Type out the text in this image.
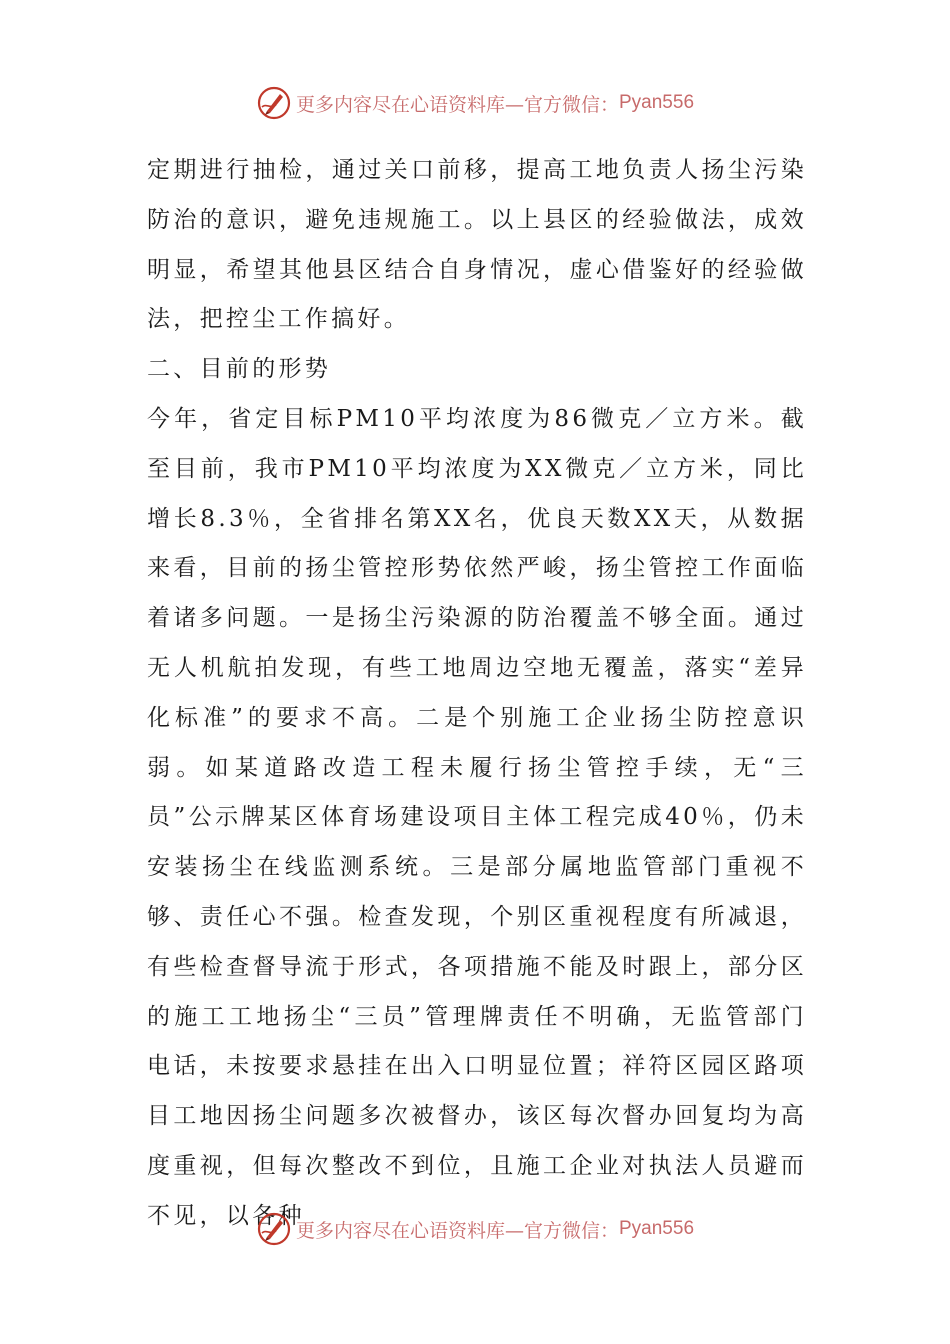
更多内容尽在心语资料库—官方微信： Pyan556

定期进行抽检，通过关口前移，提高工地负责人扬尘污染防治的意识，避免违规施工。以上县区的经验做法，成效明显，希望其他县区结合自身情况，虚心借鉴好的经验做法，把控尘工作搞好。

二、目前的形势

今年，省定目标PM10平均浓度为86微克／立方米。截至目前，我市PM10平均浓度为XX微克／立方米，同比增长8.3％，全省排名第XX名，优良天数XX天，从数据来看，目前的扬尘管控形势依然严峻，扬尘管控工作面临着诸多问题。一是扬尘污染源的防治覆盖不够全面。通过无人机航拍发现，有些工地周边空地无覆盖，落实“差异化标准”的要求不高。二是个别施工企业扬尘防控意识弱。如某道路改造工程未履行扬尘管控手续，无“三员”公示牌某区体育场建设项目主体工程完成40％，仍未安装扬尘在线监测系统。三是部分属地监管部门重视不够、责任心不强。检查发现，个别区重视程度有所减退，有些检查督导流于形式，各项措施不能及时跟上，部分区的施工工地扬尘“三员”管理牌责任不明确，无监管部门电话，未按要求悬挂在出入口明显位置；祥符区园区路项目工地因扬尘问题多次被督办，该区每次督办回复均为高度重视，但每次整改不到位，且施工企业对执法人员避而不见，以各种

更多内容尽在心语资料库—官方微信： Pyan556
